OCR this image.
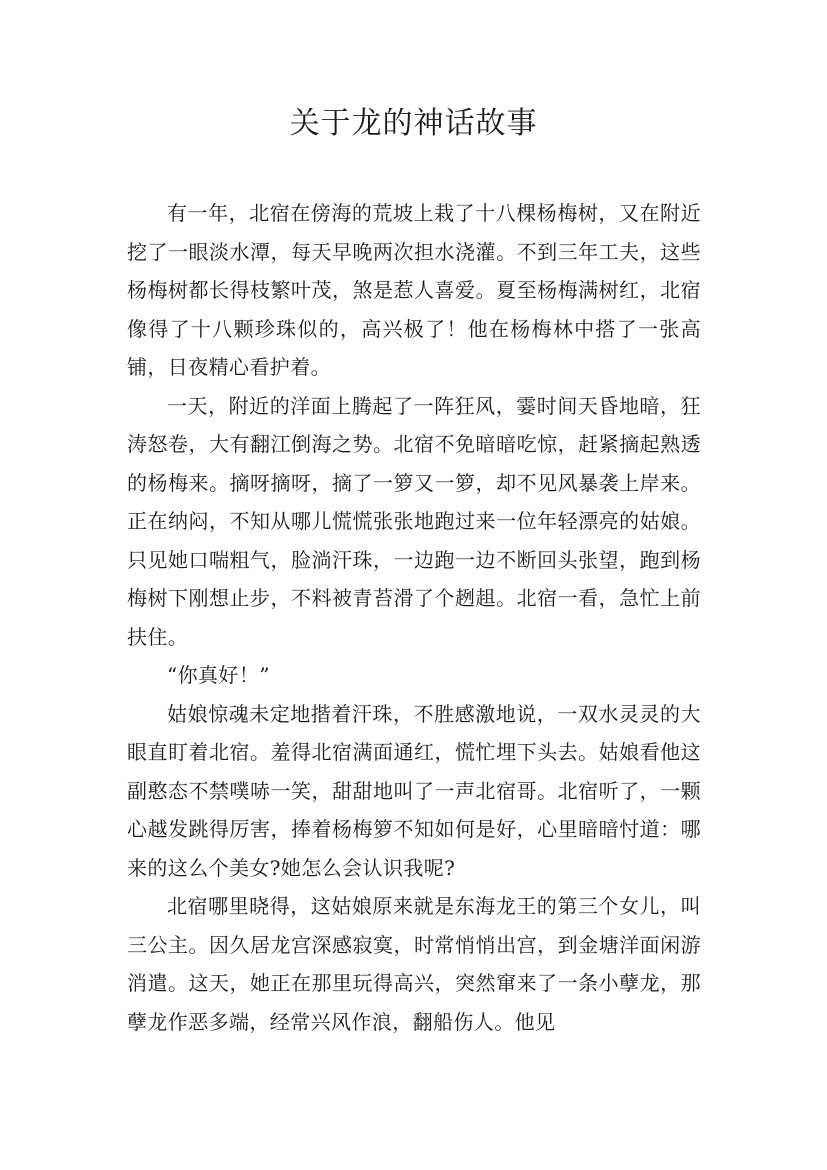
关于龙的神话故事

有一年，北宿在傍海的荒坡上栽了十八棵杨梅树，又在附近挖了一眼淡水潭，每天早晚两次担水浇灌。不到三年工夫，这些杨梅树都长得枝繁叶茂，煞是惹人喜爱。夏至杨梅满树红，北宿像得了十八颗珍珠似的，高兴极了！他在杨梅林中搭了一张高铺，日夜精心看护着。

一天，附近的洋面上腾起了一阵狂风，霎时间天昏地暗，狂涛怒卷，大有翻江倒海之势。北宿不免暗暗吃惊，赶紧摘起熟透的杨梅来。摘呀摘呀，摘了一箩又一箩，却不见风暴袭上岸来。正在纳闷，不知从哪儿慌慌张张地跑过来一位年轻漂亮的姑娘。只见她口喘粗气，脸淌汗珠，一边跑一边不断回头张望，跑到杨梅树下刚想止步，不料被青苔滑了个趔趄。北宿一看，急忙上前扶住。

“你真好！”

姑娘惊魂未定地揩着汗珠，不胜感激地说，一双水灵灵的大眼直盯着北宿。羞得北宿满面通红，慌忙埋下头去。姑娘看他这副憨态不禁噗哧一笑，甜甜地叫了一声北宿哥。北宿听了，一颗心越发跳得厉害，捧着杨梅箩不知如何是好，心里暗暗忖道：哪来的这么个美女?她怎么会认识我呢?

北宿哪里晓得，这姑娘原来就是东海龙王的第三个女儿，叫三公主。因久居龙宫深感寂寞，时常悄悄出宫，到金塘洋面闲游消遣。这天，她正在那里玩得高兴，突然窜来了一条小孽龙，那孽龙作恶多端，经常兴风作浪，翻船伤人。他见
